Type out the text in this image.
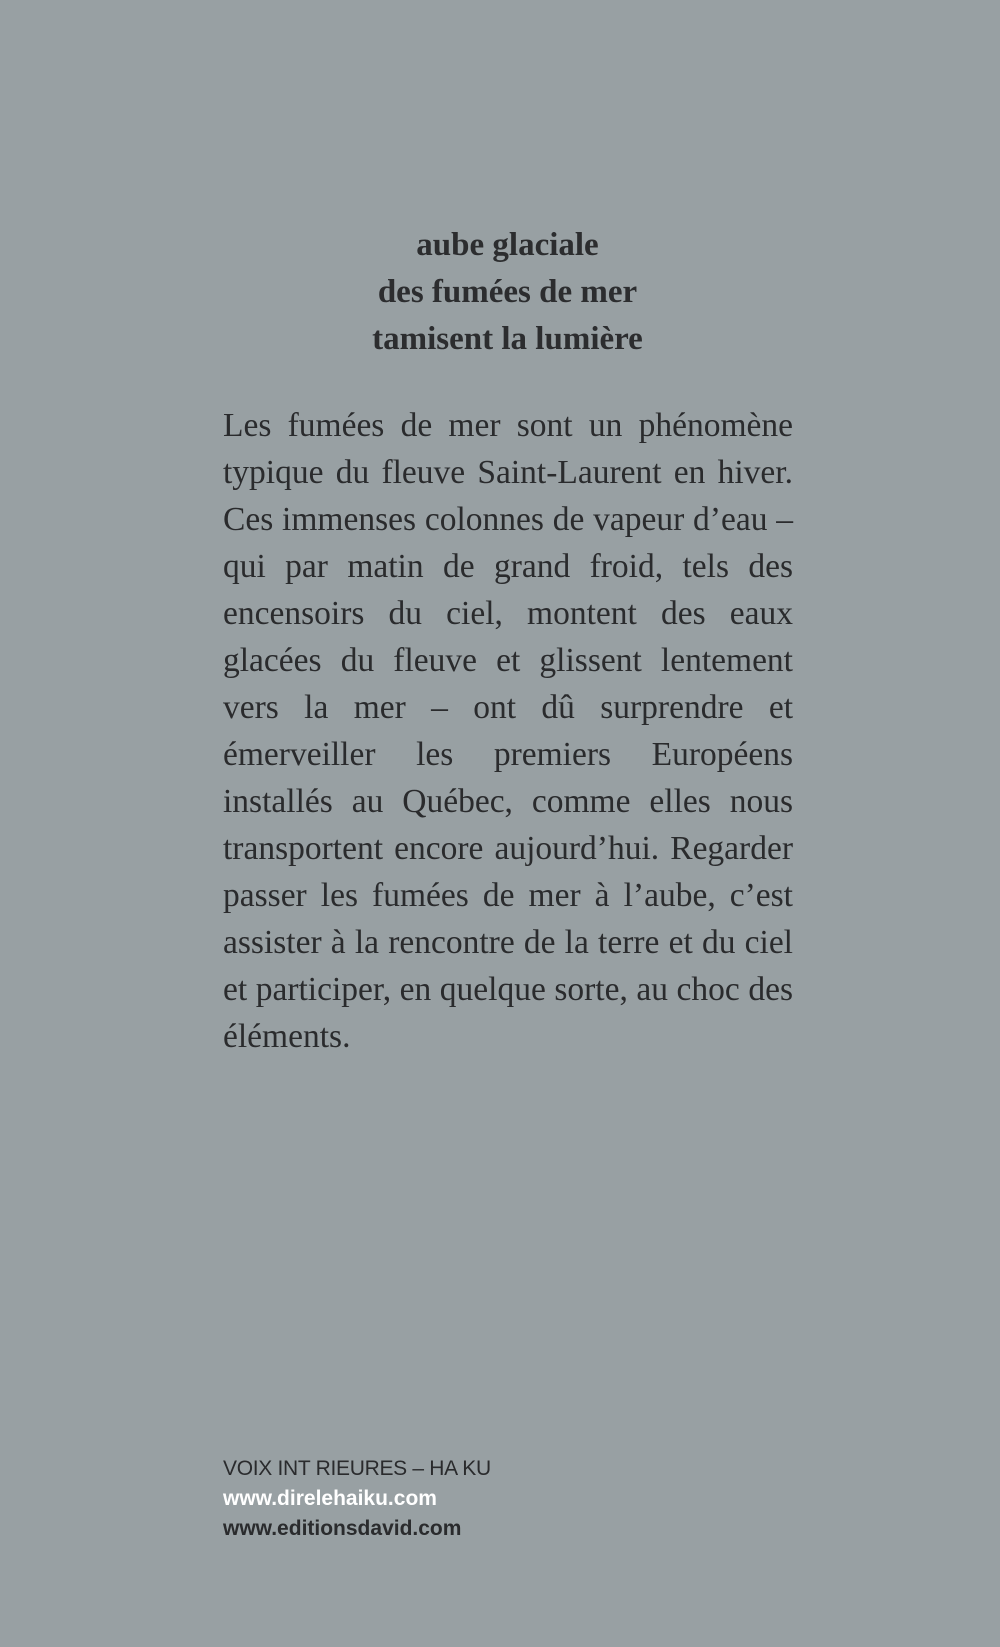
aube glaciale
des fumées de mer
tamisent la lumière

Les fumées de mer sont un phénomène typique du fleuve Saint-Laurent en hiver. Ces immenses colonnes de vapeur d’eau – qui par matin de grand froid, tels des encensoirs du ciel, montent des eaux glacées du fleuve et glissent lentement vers la mer – ont dû surprendre et émerveiller les premiers Européens installés au Québec, comme elles nous transportent encore aujourd’hui. Regarder passer les fumées de mer à l’aube, c’est assister à la rencontre de la terre et du ciel et participer, en quelque sorte, au choc des éléments.

VOIX INT RIEURES – HA KU
www.direlehaiku.com
www.editionsdavid.com
